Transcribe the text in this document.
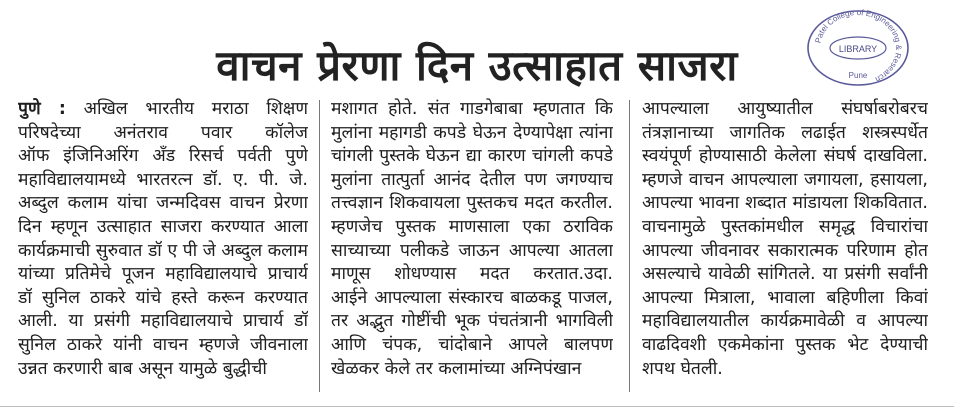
वाचन प्रेरणा दिन उत्साहात साजरा
Patel College of Engineering & Research
LIBRARY
Pune
पुणे : अखिल भारतीय मराठा शिक्षण
परिषदेच्या अनंतराव पवार कॉलेज
ऑफ इंजिनिअरिंग अँड रिसर्च पर्वती पुणे
महाविद्यालयामध्ये भारतरत्न डॉ. ए. पी. जे.
अब्दुल कलाम यांचा जन्मदिवस वाचन प्रेरणा
दिन म्हणून उत्साहात साजरा करण्यात आला
कार्यक्रमाची सुरुवात डॉ ए पी जे अब्दुल कलाम
यांच्या प्रतिमेचे पूजन महाविद्यालयाचे प्राचार्य
डॉ सुनिल ठाकरे यांचे हस्ते करून करण्यात
आली. या प्रसंगी महाविद्यालयाचे प्राचार्य डॉ
सुनिल ठाकरे यांनी वाचन म्हणजे जीवनाला
उन्नत करणारी बाब असून यामुळे बुद्धीची
मशागत होते. संत गाडगेबाबा म्हणतात कि
मुलांना महागडी कपडे घेऊन देण्यापेक्षा त्यांना
चांगली पुस्तके घेऊन द्या कारण चांगली कपडे
मुलांना तात्पुर्ता आनंद देतील पण जगण्याच
तत्त्वज्ञान शिकवायला पुस्तकच मदत करतील.
म्हणजेच पुस्तक माणसाला एका ठराविक
साच्याच्या पलीकडे जाऊन आपल्या आतला
माणूस शोधण्यास मदत करतात.उदा.
आईने आपल्याला संस्कारच बाळकडू पाजल,
तर अद्भुत गोष्टींची भूक पंचतंत्रानी भागविली
आणि चंपक, चांदोबाने आपले बालपण
खेळकर केले तर कलामांच्या अग्निपंखान
आपल्याला आयुष्यातील संघर्षाबरोबरच
तंत्रज्ञानाच्या जागतिक लढाईत शस्त्रस्पर्धेत
स्वयंपूर्ण होण्यासाठी केलेला संघर्ष दाखविला.
म्हणजे वाचन आपल्याला जगायला, हसायला,
आपल्या भावना शब्दात मांडायला शिकवितात.
वाचनामुळे पुस्तकांमधील समृद्ध विचारांचा
आपल्या जीवनावर सकारात्मक परिणाम होत
असल्याचे यावेळी सांगितले. या प्रसंगी सर्वांनी
आपल्या मित्राला, भावाला बहिणीला किवां
महाविद्यालयातील कार्यक्रमावेळी व आपल्या
वाढदिवशी एकमेकांना पुस्तक भेट देण्याची
शपथ घेतली.
